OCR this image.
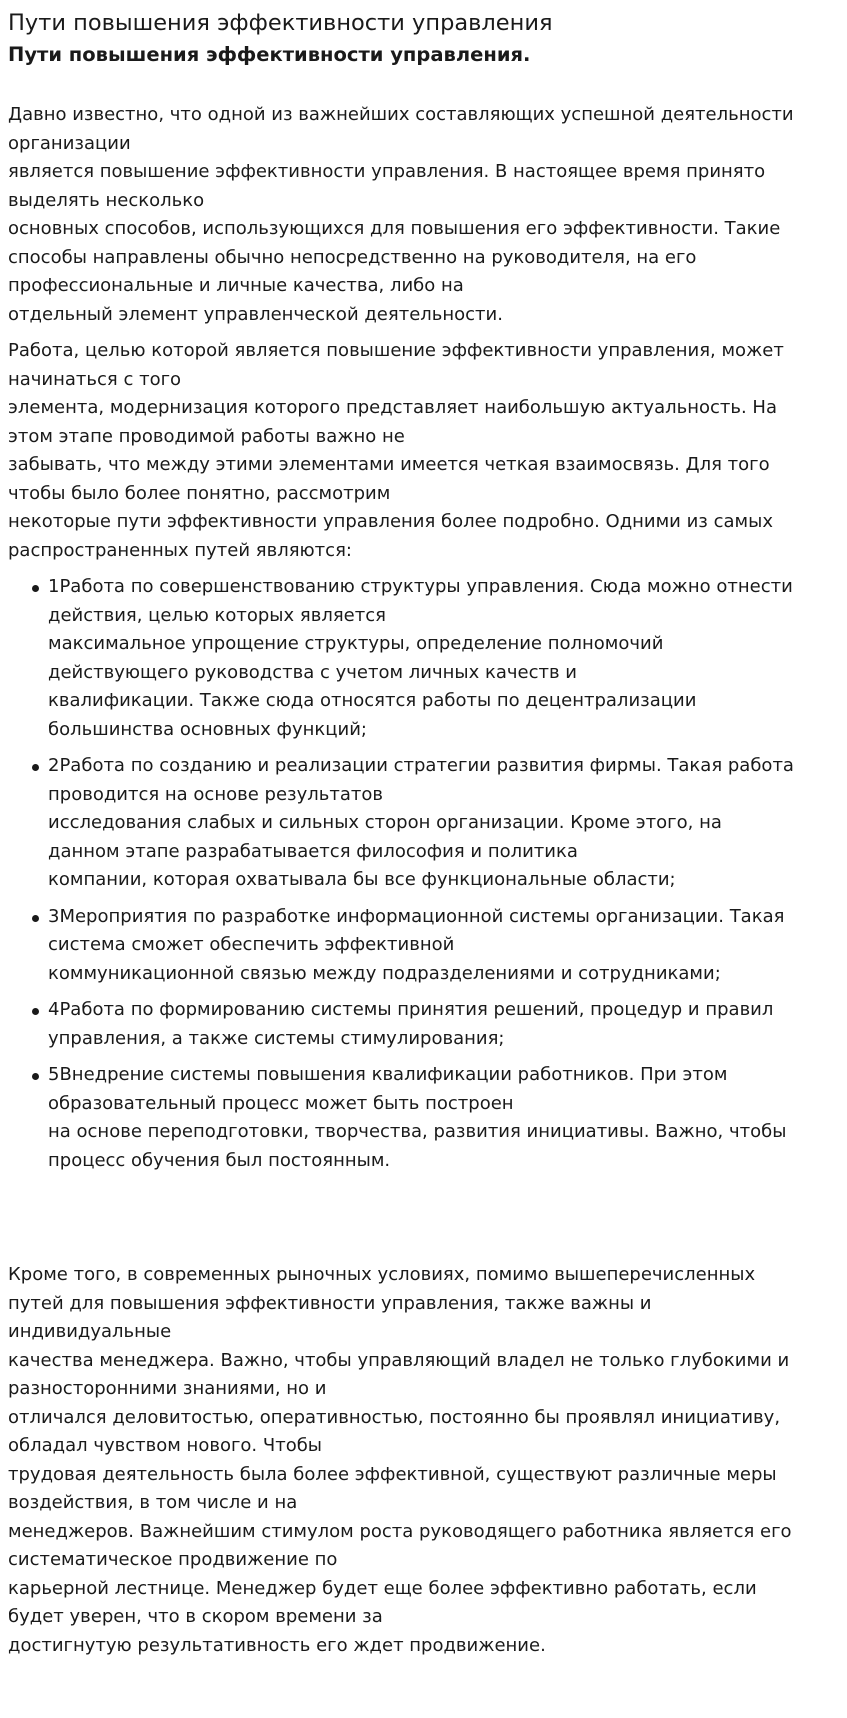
Пути повышения эффективности управления
Пути повышения эффективности управления.

Давно известно, что одной из важнейших составляющих успешной деятельности
организации
является повышение эффективности управления. В настоящее время принято
выделять несколько
основных способов, использующихся для повышения его эффективности. Такие
способы направлены обычно непосредственно на руководителя, на его
профессиональные и личные качества, либо на
отдельный элемент управленческой деятельности.

Работа, целью которой является повышение эффективности управления, может
начинаться с того
элемента, модернизация которого представляет наибольшую актуальность. На
этом этапе проводимой работы важно не
забывать, что между этими элементами имеется четкая взаимосвязь. Для того
чтобы было более понятно, рассмотрим
некоторые пути эффективности управления более подробно. Одними из самых
распространенных путей являются:

1Работа по совершенствованию структуры управления. Сюда можно отнести
действия, целью которых является
максимальное упрощение структуры, определение полномочий
действующего руководства с учетом личных качеств и
квалификации. Также сюда относятся работы по децентрализации
большинства основных функций;
2Работа по созданию и реализации стратегии развития фирмы. Такая работа
проводится на основе результатов
исследования слабых и сильных сторон организации. Кроме этого, на
данном этапе разрабатывается философия и политика
компании, которая охватывала бы все функциональные области;
3Мероприятия по разработке информационной системы организации. Такая
система сможет обеспечить эффективной
коммуникационной связью между подразделениями и сотрудниками;
4Работа по формированию системы принятия решений, процедур и правил
управления, а также системы стимулирования;
5Внедрение системы повышения квалификации работников. При этом
образовательный процесс может быть построен
на основе переподготовки, творчества, развития инициативы. Важно, чтобы
процесс обучения был постоянным.

Кроме того, в современных рыночных условиях, помимо вышеперечисленных
путей для повышения эффективности управления, также важны и
индивидуальные
качества менеджера. Важно, чтобы управляющий владел не только глубокими и
разносторонними знаниями, но и
отличался деловитостью, оперативностью, постоянно бы проявлял инициативу,
обладал чувством нового. Чтобы
трудовая деятельность была более эффективной, существуют различные меры
воздействия, в том числе и на
менеджеров. Важнейшим стимулом роста руководящего работника является его
систематическое продвижение по
карьерной лестнице. Менеджер будет еще более эффективно работать, если
будет уверен, что в скором времени за
достигнутую результативность его ждет продвижение.
